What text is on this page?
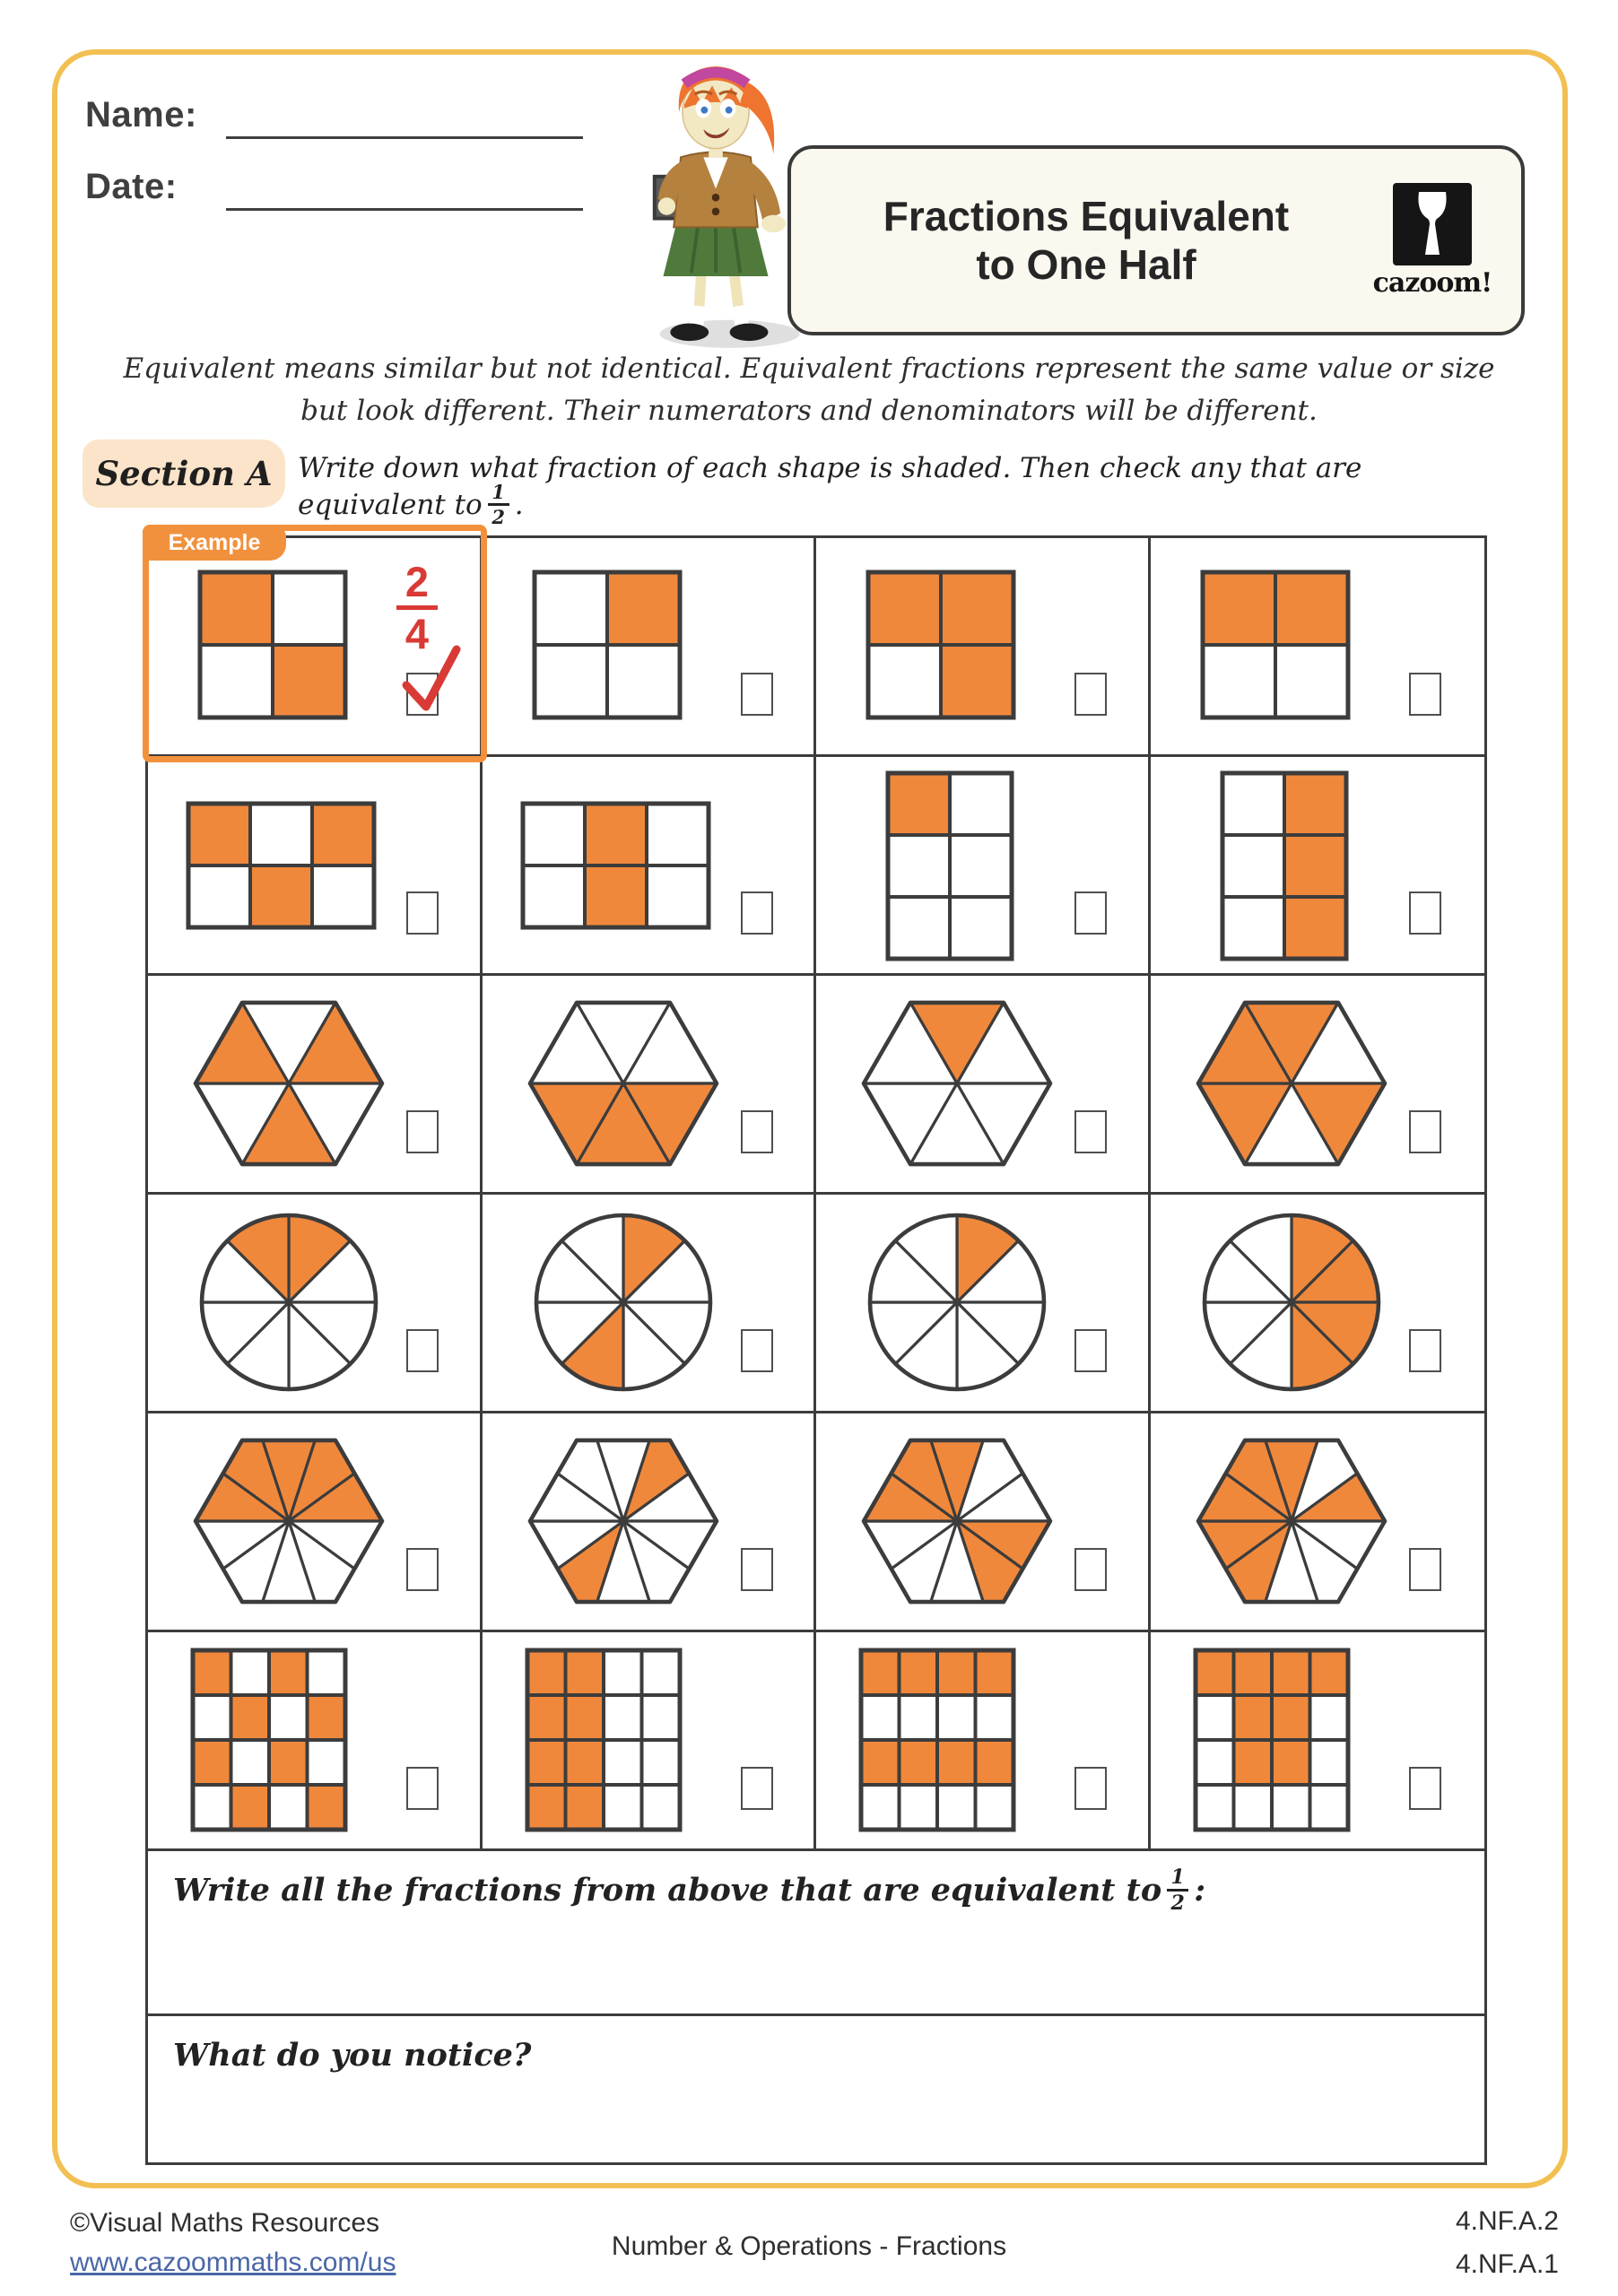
Name:
Date:
Fractions Equivalent
to One Half	cazoom!
Equivalent means similar but not identical. Equivalent fractions represent the same value or size
but look different. Their numerators and denominators will be different.
Section A Write down what fraction of each shape is shaded. Then check any that are equivalent to $\frac{1}{2}$ .
Example
2
4
Write all the fractions from above that are equivalent to $\frac{1}{2}$ :
What do you notice?
©Visual Maths Resources
www.cazoommaths.com/us
Number & Operations - Fractions
4.NF.A.2
4.NF.A.1
